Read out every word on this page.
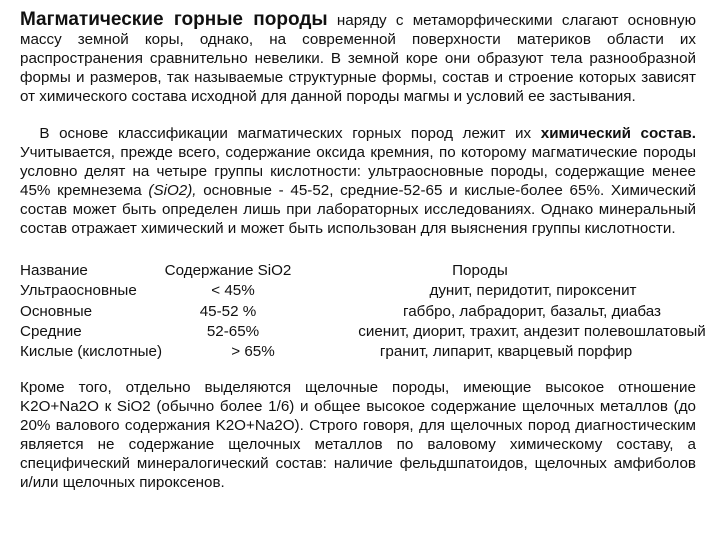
Магматические горные породы наряду с метаморфическими слагают основную массу земной коры, однако, на современной поверхности материков области их распространения сравнительно невелики. В земной коре они образуют тела разнообразной формы и размеров, так называемые структурные формы, состав и строение которых зависят от химического состава исходной для данной породы магмы и условий ее застывания.

В основе классификации магматических горных пород лежит их химический состав. Учитывается, прежде всего, содержание оксида кремния, по которому магматические породы условно делят на четыре группы кислотности: ультраосновные породы, содержащие менее 45% кремнезема (SiO2), основные - 45-52, средние-52-65 и кислые-более 65%. Химический состав может быть определен лишь при лабораторных исследованиях. Однако минеральный состав отражает химический и может быть использован для выяснения группы кислотности.

Название	Содержание SiO2	Породы
Ультраосновные	< 45%	дунит, перидотит, пироксенит
Основные	45-52 %	габбро, лабрадорит, базальт, диабаз
Средние	52-65%	сиенит, диорит, трахит, андезит полевошлатовый
Кислые (кислотные)	> 65%	гранит, липарит, кварцевый порфир

Кроме того, отдельно выделяются щелочные породы, имеющие высокое отношение K2O+Na2O к SiO2 (обычно более 1/6) и общее высокое содержание щелочных металлов (до 20% валового содержания K2O+Na2O). Строго говоря, для щелочных пород диагностическим является не содержание щелочных металлов по валовому химическому составу, а специфический минералогический состав: наличие фельдшпатоидов, щелочных амфиболов и/или щелочных пироксенов.
